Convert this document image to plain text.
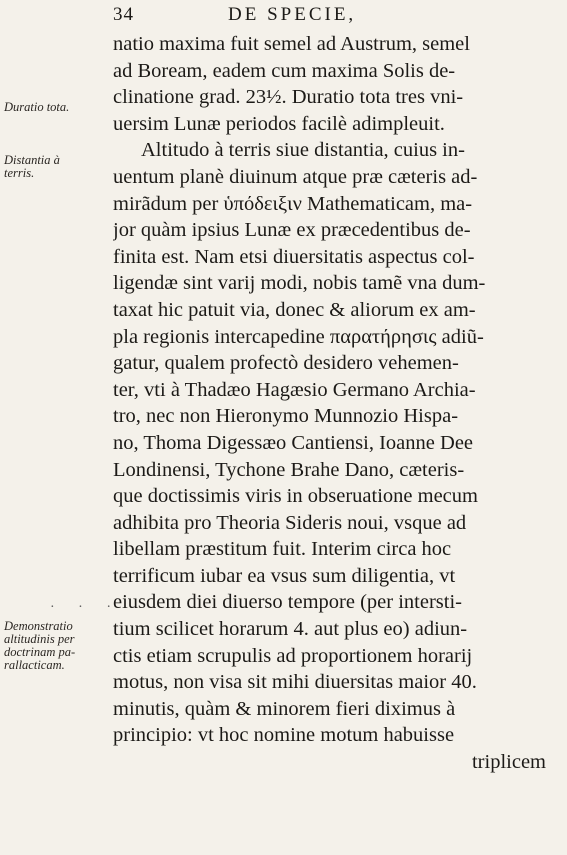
34	DE SPECIE,
Duratio tota.
Distantia à
terris.
Demonstratio
altitudinis per
doctrinam pa-
rallacticam.
· · ·
natio maxima fuit semel ad Austrum, semel
ad Boream, eadem cum maxima Solis de-
clinatione grad. 23½. Duratio tota tres vni-
uersim Lunæ periodos facilè adimpleuit.
Altitudo à terris siue distantia, cuius in-
uentum planè diuinum atque præ cæteris ad-
mirãdum per ὑπόδειξιν Mathematicam, ma-
jor quàm ipsius Lunæ ex præcedentibus de-
finita est. Nam etsi diuersitatis aspectus col-
ligendæ sint varij modi, nobis tamẽ vna dum-
taxat hic patuit via, donec & aliorum ex am-
pla regionis intercapedine παρατήρησις adiũ-
gatur, qualem profectò desidero vehemen-
ter, vti à Thadæo Hagæsio Germano Archia-
tro, nec non Hieronymo Munnozio Hispa-
no, Thoma Digessæo Cantiensi, Ioanne Dee
Londinensi, Tychone Brahe Dano, cæteris-
que doctissimis viris in obseruatione mecum
adhibita pro Theoria Sideris noui, vsque ad
libellam præstitum fuit. Interim circa hoc
terrificum iubar ea vsus sum diligentia, vt
eiusdem diei diuerso tempore (per intersti-
tium scilicet horarum 4. aut plus eo) adiun-
ctis etiam scrupulis ad proportionem horarij
motus, non visa sit mihi diuersitas maior 40.
minutis, quàm & minorem fieri diximus à
principio: vt hoc nomine motum habuisse
triplicem
